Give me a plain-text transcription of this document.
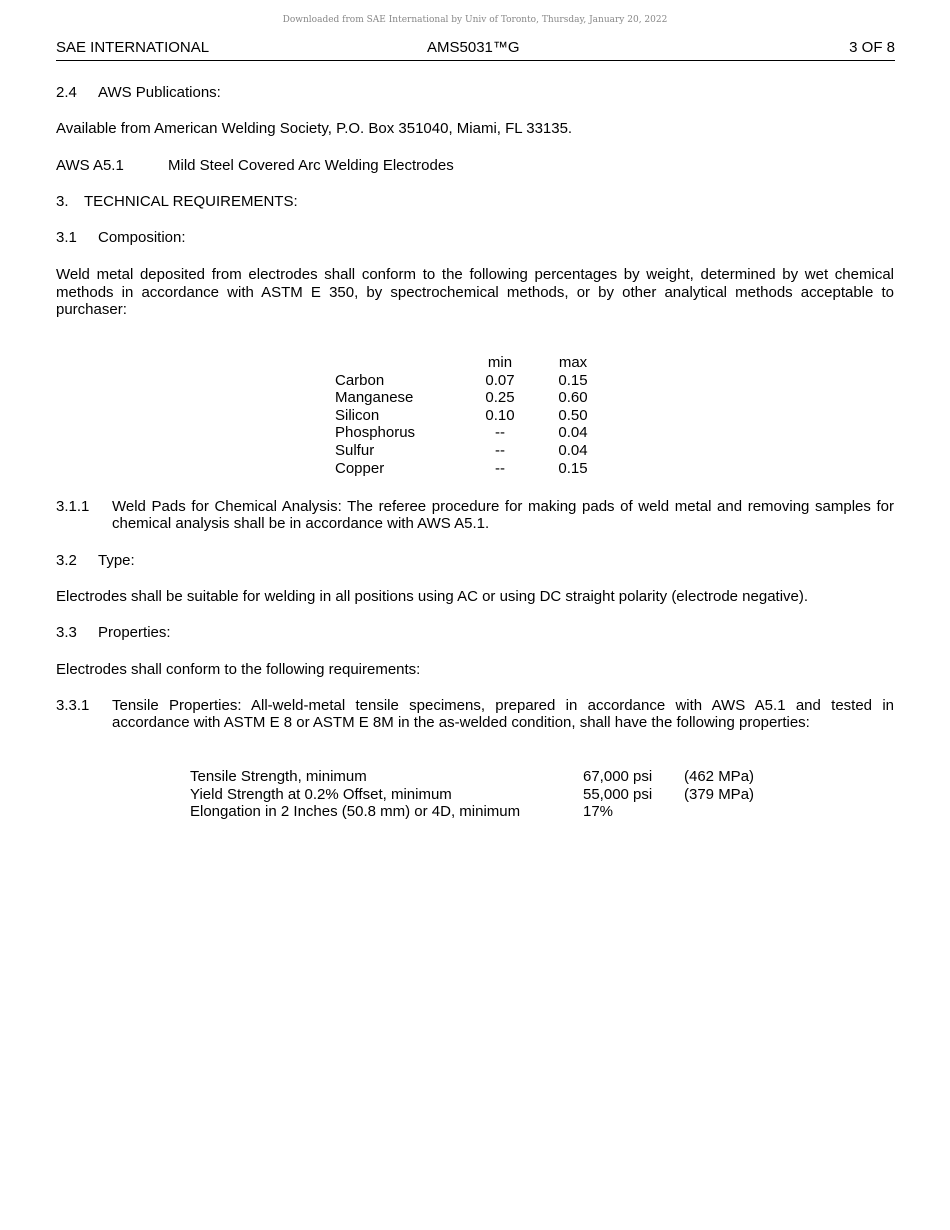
Downloaded from SAE International by Univ of Toronto, Thursday, January 20, 2022
SAE INTERNATIONAL	AMS5031™G	3 OF 8
2.4 AWS Publications:
Available from American Welding Society, P.O. Box 351040, Miami, FL 33135.
AWS A5.1	Mild Steel Covered Arc Welding Electrodes
3. TECHNICAL REQUIREMENTS:
3.1 Composition:
Weld metal deposited from electrodes shall conform to the following percentages by weight, determined by wet chemical methods in accordance with ASTM E 350, by spectrochemical methods, or by other analytical methods acceptable to purchaser:
	min	max
Carbon	0.07	0.15
Manganese	0.25	0.60
Silicon	0.10	0.50
Phosphorus	--	0.04
Sulfur	--	0.04
Copper	--	0.15
3.1.1 Weld Pads for Chemical Analysis: The referee procedure for making pads of weld metal and removing samples for chemical analysis shall be in accordance with AWS A5.1.
3.2 Type:
Electrodes shall be suitable for welding in all positions using AC or using DC straight polarity (electrode negative).
3.3 Properties:
Electrodes shall conform to the following requirements:
3.3.1 Tensile Properties: All-weld-metal tensile specimens, prepared in accordance with AWS A5.1 and tested in accordance with ASTM E 8 or ASTM E 8M in the as-welded condition, shall have the following properties:
Tensile Strength, minimum	67,000 psi	(462 MPa)
Yield Strength at 0.2% Offset, minimum	55,000 psi	(379 MPa)
Elongation in 2 Inches (50.8 mm) or 4D, minimum	17%	
